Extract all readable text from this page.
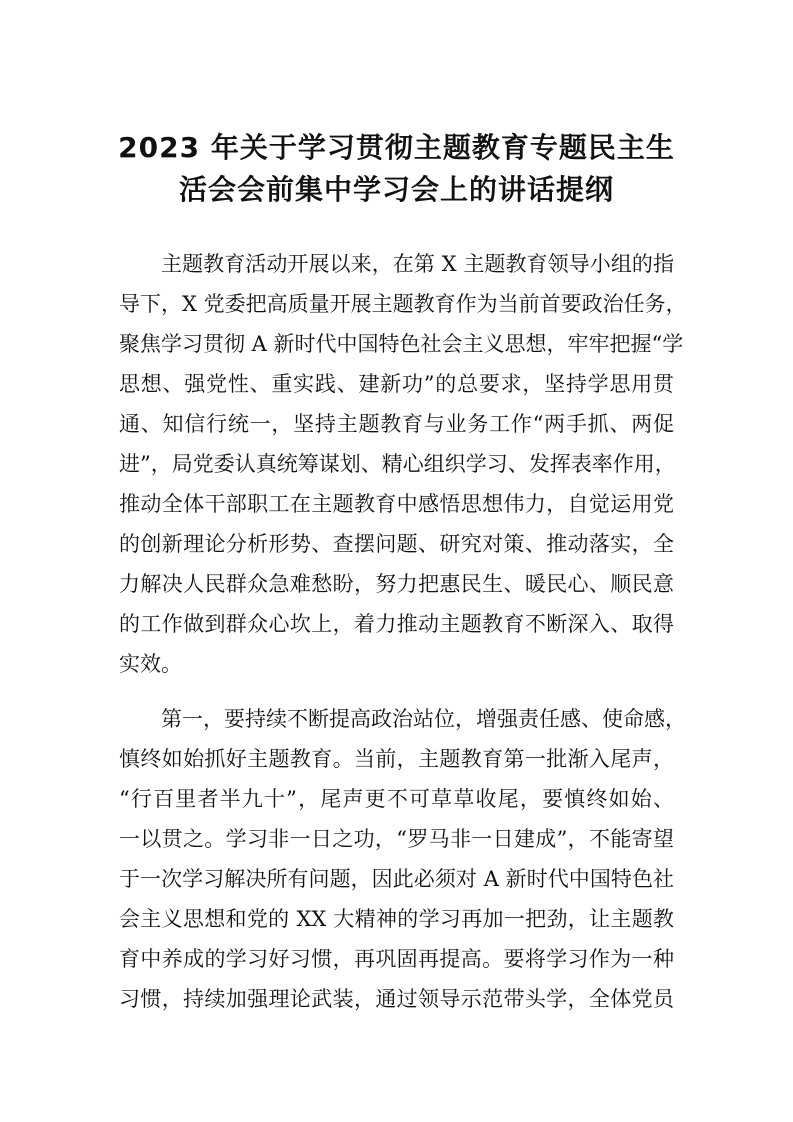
2023 年关于学习贯彻主题教育专题民主生
活会会前集中学习会上的讲话提纲
主题教育活动开展以来，在第 X 主题教育领导小组的指
导下，X 党委把高质量开展主题教育作为当前首要政治任务，
聚焦学习贯彻 A 新时代中国特色社会主义思想，牢牢把握“学
思想、强党性、重实践、建新功”的总要求，坚持学思用贯
通、知信行统一，坚持主题教育与业务工作“两手抓、两促
进”，局党委认真统筹谋划、精心组织学习、发挥表率作用，
推动全体干部职工在主题教育中感悟思想伟力，自觉运用党
的创新理论分析形势、查摆问题、研究对策、推动落实，全
力解决人民群众急难愁盼，努力把惠民生、暖民心、顺民意
的工作做到群众心坎上，着力推动主题教育不断深入、取得
实效。
第一，要持续不断提高政治站位，增强责任感、使命感，
慎终如始抓好主题教育。当前，主题教育第一批渐入尾声，
“行百里者半九十”，尾声更不可草草收尾，要慎终如始、
一以贯之。学习非一日之功，“罗马非一日建成”，不能寄望
于一次学习解决所有问题，因此必须对 A 新时代中国特色社
会主义思想和党的 XX 大精神的学习再加一把劲，让主题教
育中养成的学习好习惯，再巩固再提高。要将学习作为一种
习惯，持续加强理论武装，通过领导示范带头学，全体党员
